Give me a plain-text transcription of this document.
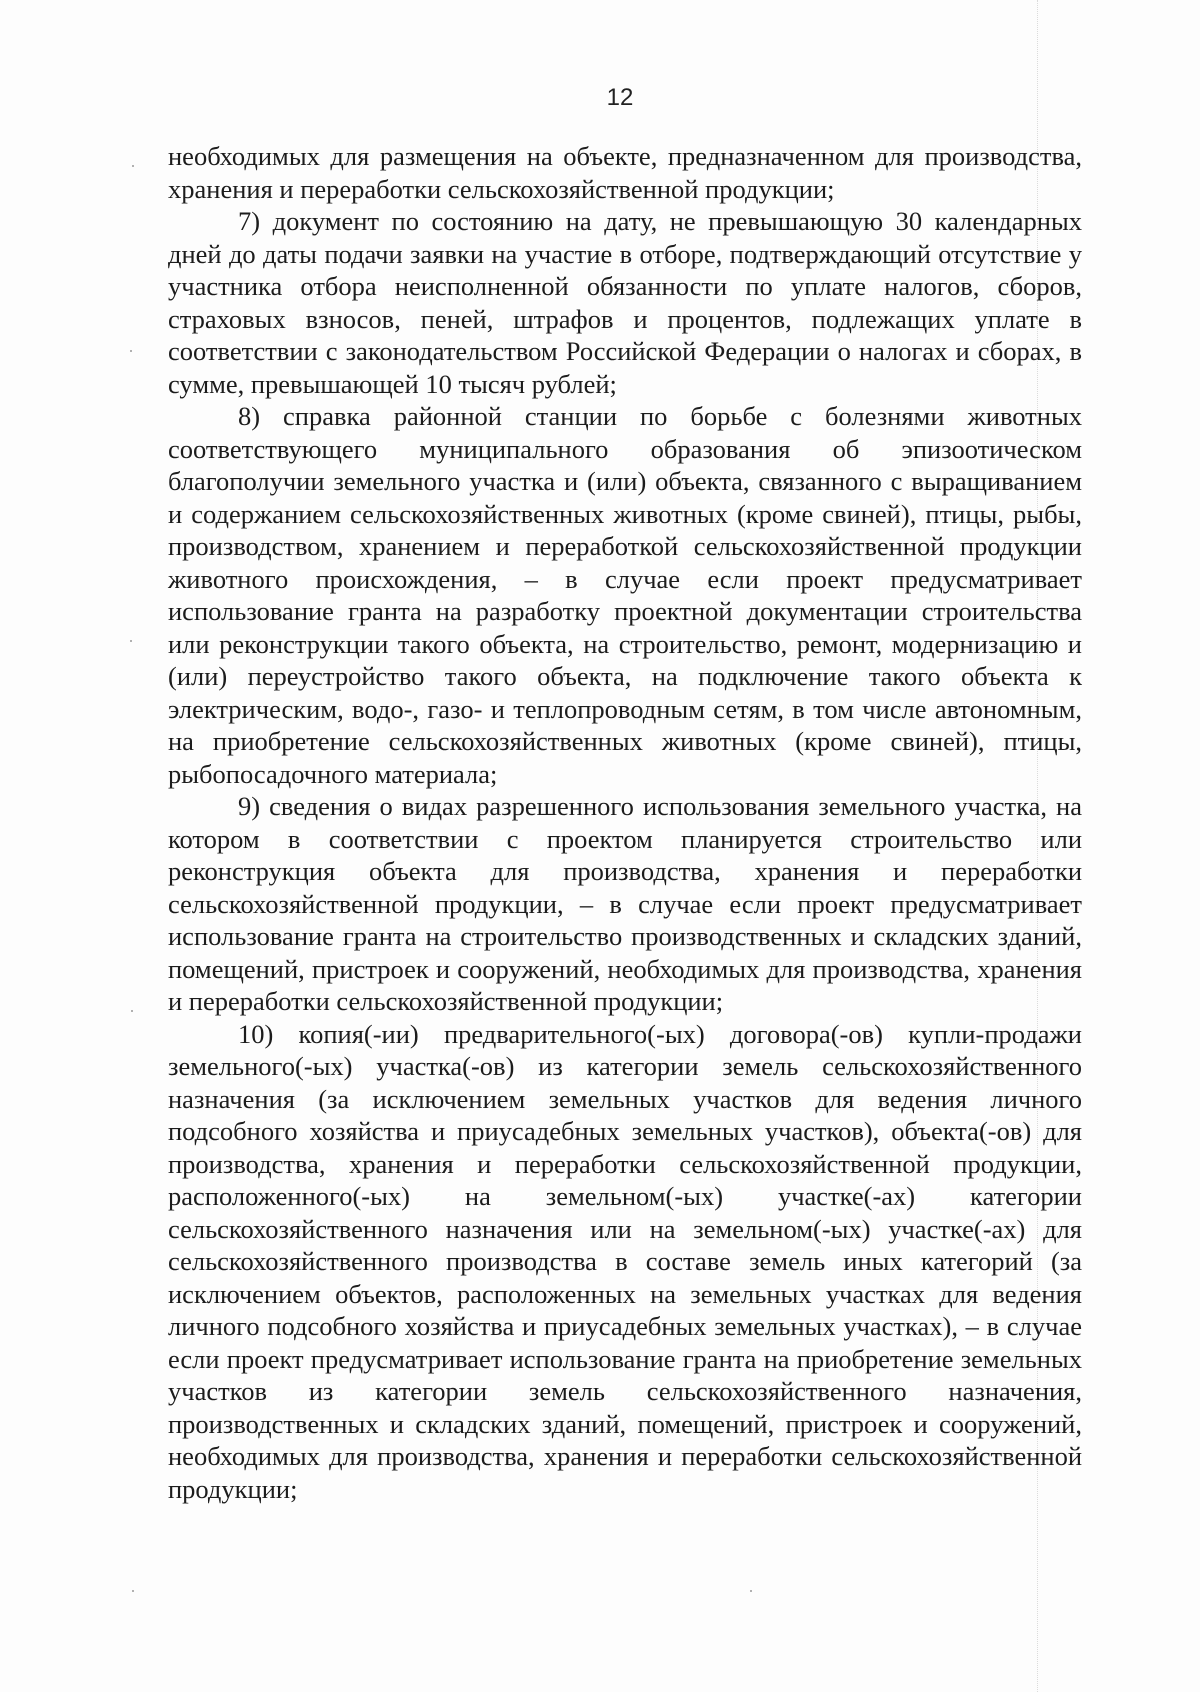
12

необходимых для размещения на объекте, предназначенном для производства, хранения и переработки сельскохозяйственной продукции;

7) документ по состоянию на дату, не превышающую 30 календарных дней до даты подачи заявки на участие в отборе, подтверждающий отсутствие у участника отбора неисполненной обязанности по уплате налогов, сборов, страховых взносов, пеней, штрафов и процентов, подлежащих уплате в соответствии с законодательством Российской Федерации о налогах и сборах, в сумме, превышающей 10 тысяч рублей;

8) справка районной станции по борьбе с болезнями животных соответствующего муниципального образования об эпизоотическом благополучии земельного участка и (или) объекта, связанного с выращиванием и содержанием сельскохозяйственных животных (кроме свиней), птицы, рыбы, производством, хранением и переработкой сельскохозяйственной продукции животного происхождения, – в случае если проект предусматривает использование гранта на разработку проектной документации строительства или реконструкции такого объекта, на строительство, ремонт, модернизацию и (или) переустройство такого объекта, на подключение такого объекта к электрическим, водо-, газо- и теплопроводным сетям, в том числе автономным, на приобретение сельскохозяйственных животных (кроме свиней), птицы, рыбопосадочного материала;

9) сведения о видах разрешенного использования земельного участка, на котором в соответствии с проектом планируется строительство или реконструкция объекта для производства, хранения и переработки сельскохозяйственной продукции, – в случае если проект предусматривает использование гранта на строительство производственных и складских зданий, помещений, пристроек и сооружений, необходимых для производства, хранения и переработки сельскохозяйственной продукции;

10) копия(-ии) предварительного(-ых) договора(-ов) купли-продажи земельного(-ых) участка(-ов) из категории земель сельскохозяйственного назначения (за исключением земельных участков для ведения личного подсобного хозяйства и приусадебных земельных участков), объекта(-ов) для производства, хранения и переработки сельскохозяйственной продукции, расположенного(-ых) на земельном(-ых) участке(-ах) категории сельскохозяйственного назначения или на земельном(-ых) участке(-ах) для сельскохозяйственного производства в составе земель иных категорий (за исключением объектов, расположенных на земельных участках для ведения личного подсобного хозяйства и приусадебных земельных участках), – в случае если проект предусматривает использование гранта на приобретение земельных участков из категории земель сельскохозяйственного назначения, производственных и складских зданий, помещений, пристроек и сооружений, необходимых для производства, хранения и переработки сельскохозяйственной продукции;
